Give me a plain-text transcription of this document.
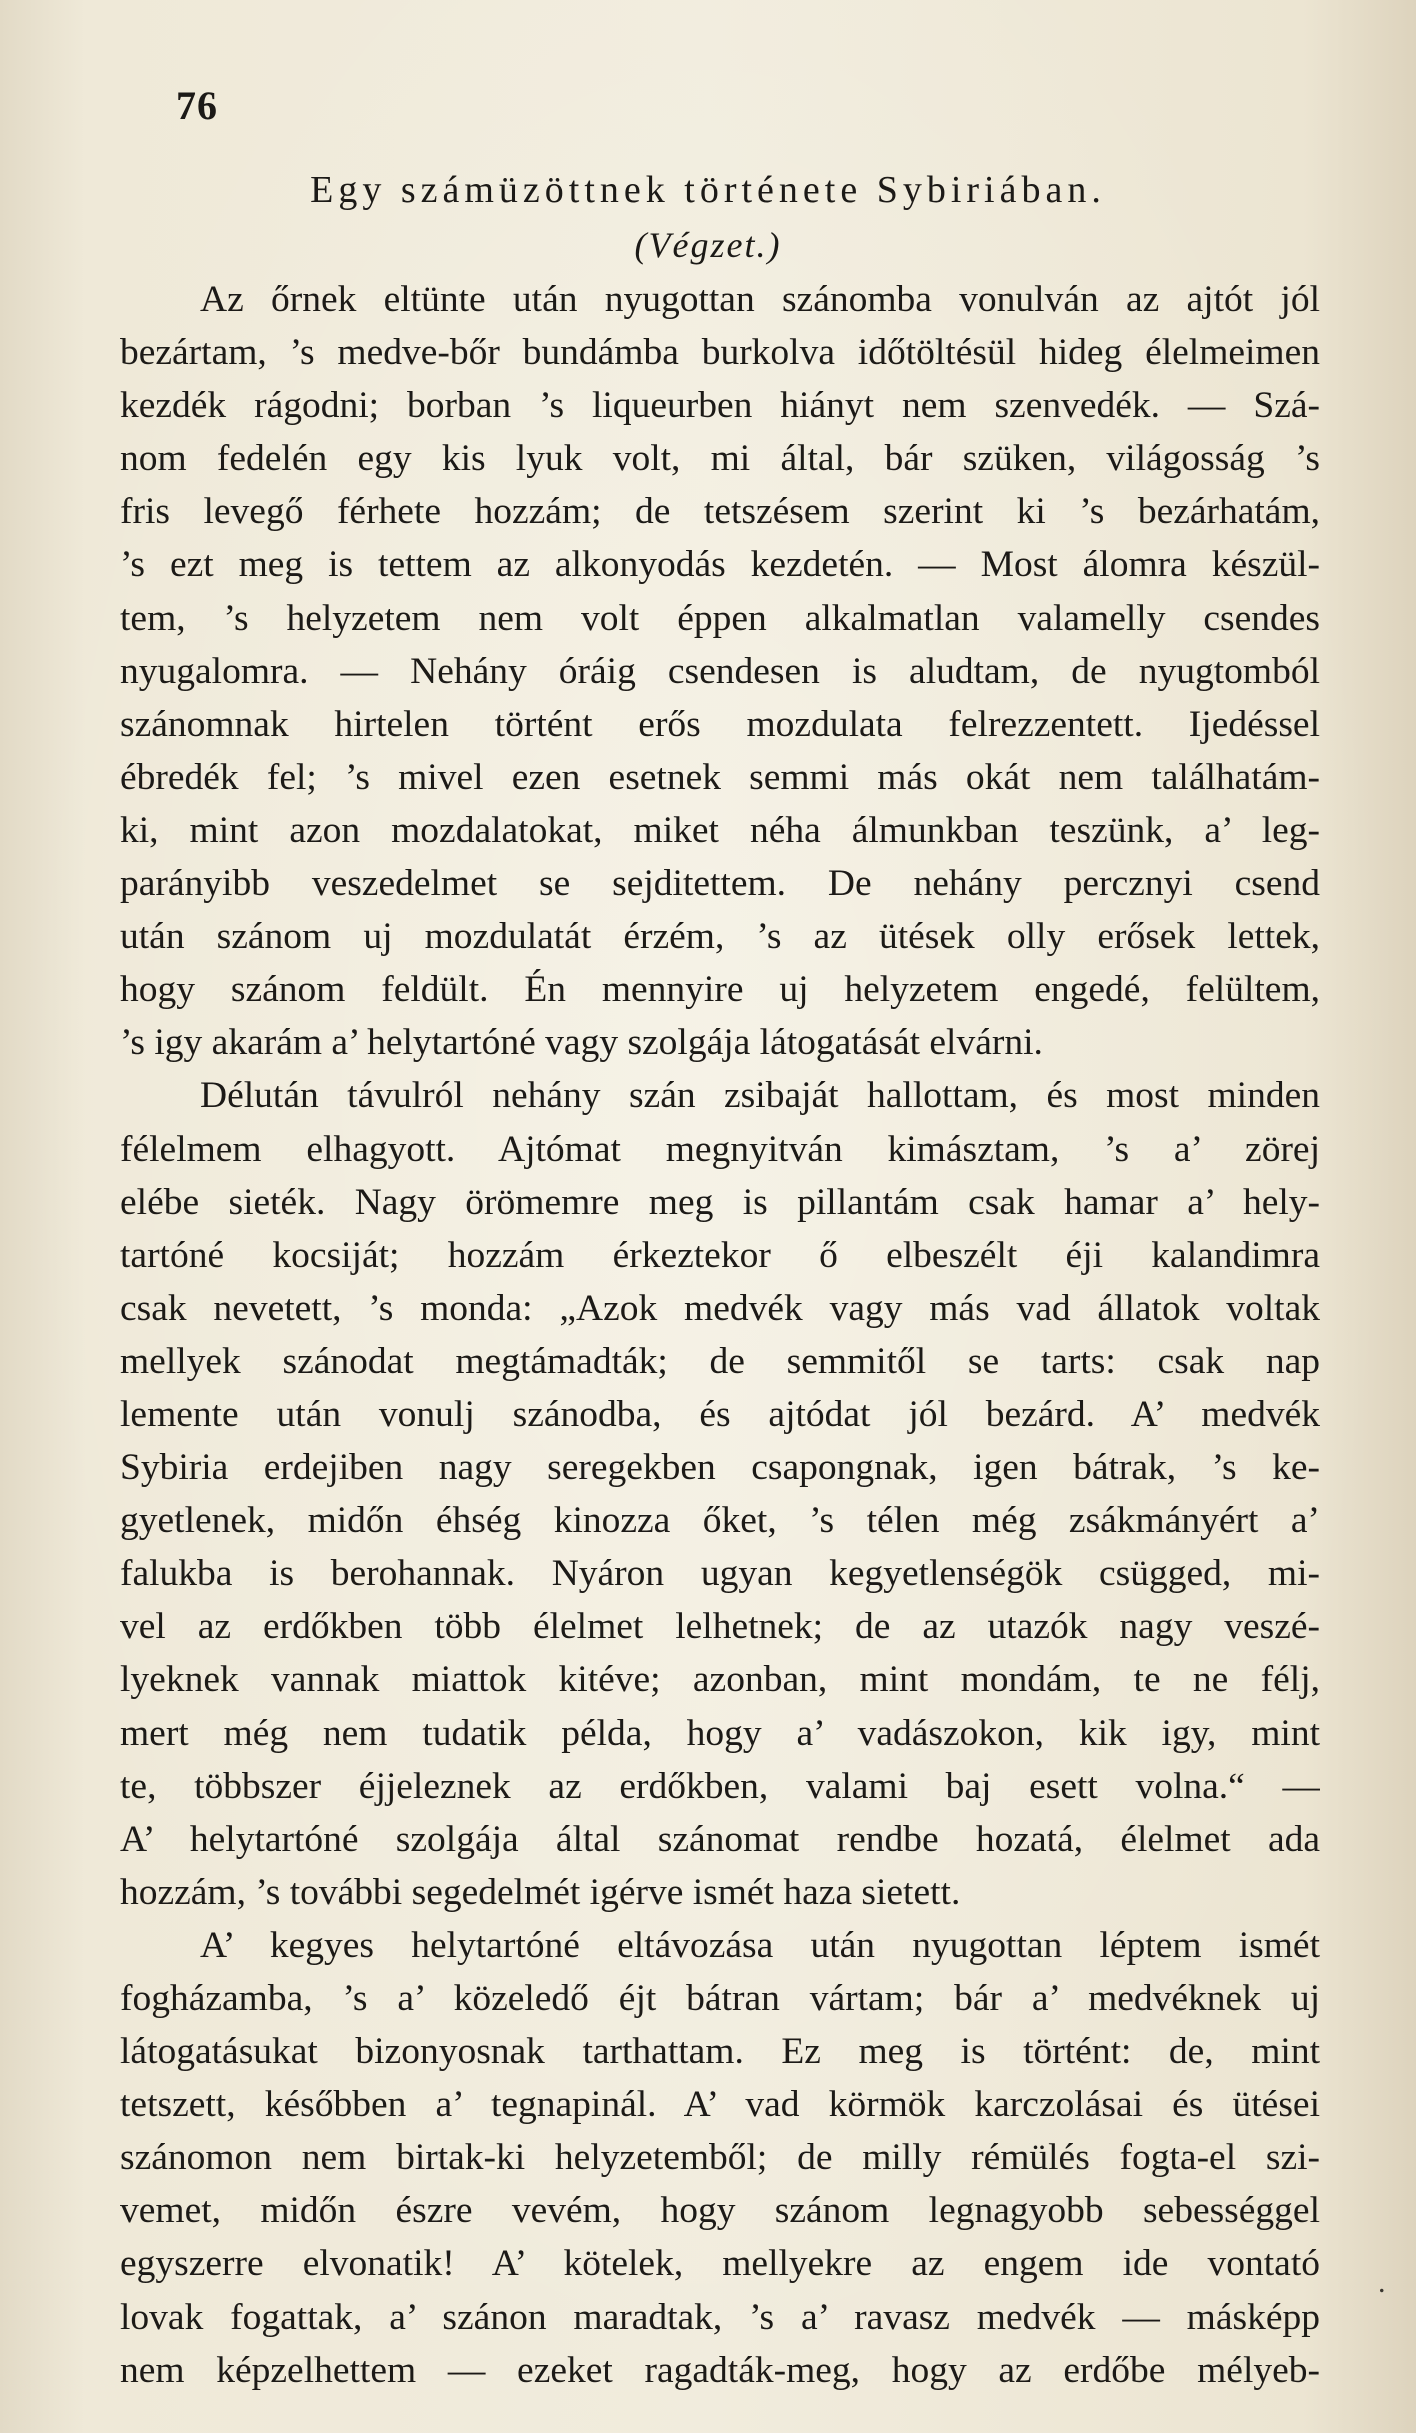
76
Egy számüzöttnek története Sybiriában.
(Végzet.)
Az őrnek eltünte után nyugottan szánomba vonulván az ajtót jól
bezártam, ’s medve-bőr bundámba burkolva időtöltésül hideg élelmeimen
kezdék rágodni; borban ’s liqueurben hiányt nem szenvedék. — Szá-
nom fedelén egy kis lyuk volt, mi által, bár szüken, világosság ’s
fris levegő férhete hozzám; de tetszésem szerint ki ’s bezárhatám,
’s ezt meg is tettem az alkonyodás kezdetén. — Most álomra készül-
tem, ’s helyzetem nem volt éppen alkalmatlan valamelly csendes
nyugalomra. — Nehány óráig csendesen is aludtam, de nyugtomból
szánomnak hirtelen történt erős mozdulata felrezzentett. Ijedéssel
ébredék fel; ’s mivel ezen esetnek semmi más okát nem találhatám-
ki, mint azon mozdalatokat, miket néha álmunkban teszünk, a’ leg-
parányibb veszedelmet se sejditettem. De nehány percznyi csend
után szánom uj mozdulatát érzém, ’s az ütések olly erősek lettek,
hogy szánom feldült. Én mennyire uj helyzetem engedé, felültem,
’s igy akarám a’ helytartóné vagy szolgája látogatását elvárni.
Délután távulról nehány szán zsibaját hallottam, és most minden
félelmem elhagyott. Ajtómat megnyitván kimásztam, ’s a’ zörej
elébe sieték. Nagy örömemre meg is pillantám csak hamar a’ hely-
tartóné kocsiját; hozzám érkeztekor ő elbeszélt éji kalandimra
csak nevetett, ’s monda: „Azok medvék vagy más vad állatok voltak
mellyek szánodat megtámadták; de semmitől se tarts: csak nap
lemente után vonulj szánodba, és ajtódat jól bezárd. A’ medvék
Sybiria erdejiben nagy seregekben csapongnak, igen bátrak, ’s ke-
gyetlenek, midőn éhség kinozza őket, ’s télen még zsákmányért a’
falukba is berohannak. Nyáron ugyan kegyetlenségök csügged, mi-
vel az erdőkben több élelmet lelhetnek; de az utazók nagy veszé-
lyeknek vannak miattok kitéve; azonban, mint mondám, te ne félj,
mert még nem tudatik példa, hogy a’ vadászokon, kik igy, mint
te, többszer éjjeleznek az erdőkben, valami baj esett volna.“ —
A’ helytartóné szolgája által szánomat rendbe hozatá, élelmet ada
hozzám, ’s további segedelmét igérve ismét haza sietett.
A’ kegyes helytartóné eltávozása után nyugottan léptem ismét
fogházamba, ’s a’ közeledő éjt bátran vártam; bár a’ medvéknek uj
látogatásukat bizonyosnak tarthattam. Ez meg is történt: de, mint
tetszett, későbben a’ tegnapinál. A’ vad körmök karczolásai és ütései
szánomon nem birtak-ki helyzetemből; de milly rémülés fogta-el szi-
vemet, midőn észre vevém, hogy szánom legnagyobb sebességgel
egyszerre elvonatik! A’ kötelek, mellyekre az engem ide vontató
lovak fogattak, a’ szánon maradtak, ’s a’ ravasz medvék — másképp
nem képzelhettem — ezeket ragadták-meg, hogy az erdőbe mélyeb-
.
